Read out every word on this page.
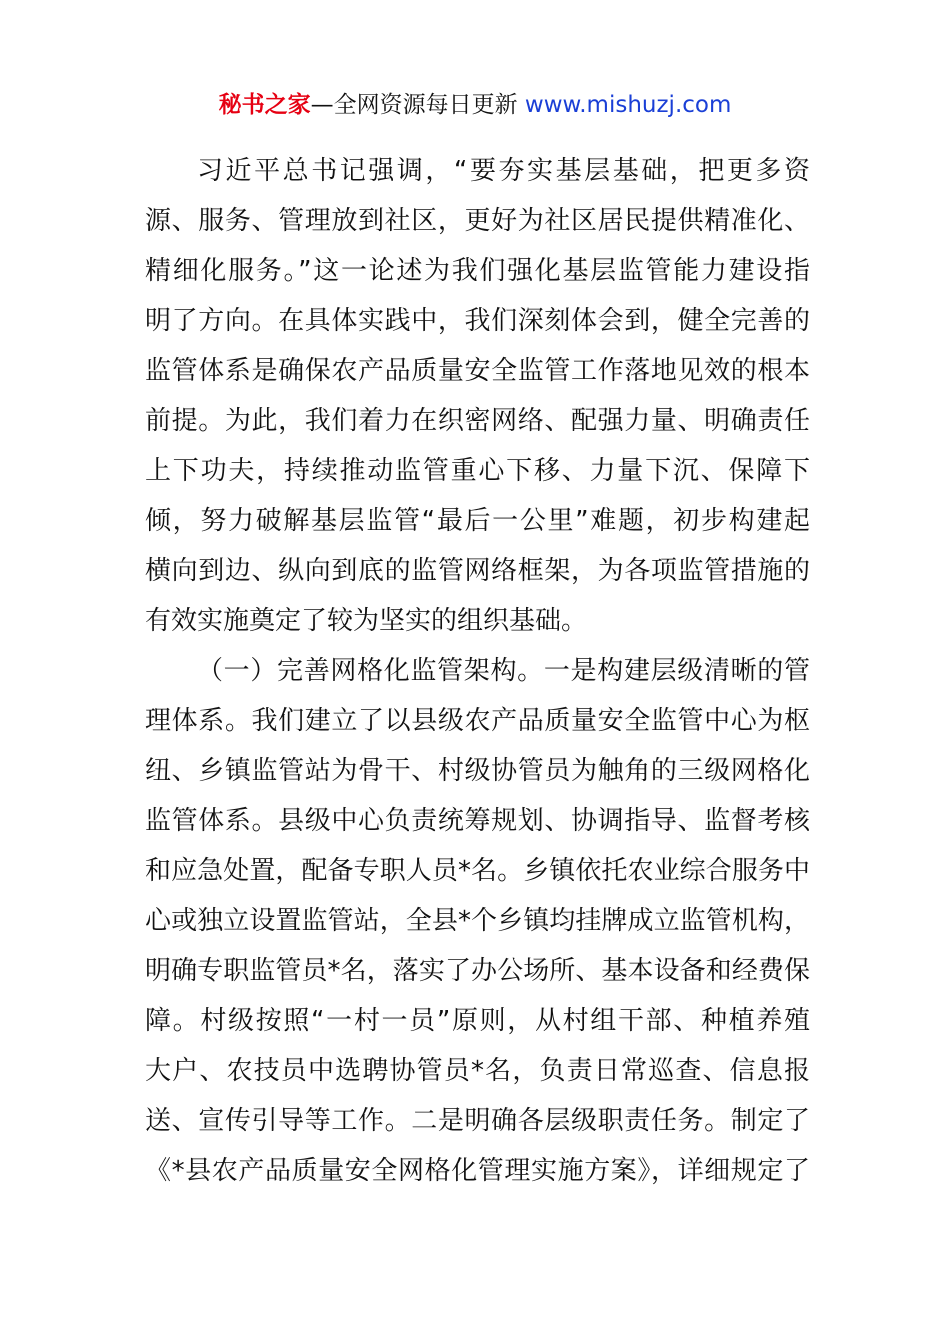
秘书之家—全网资源每日更新 www.mishuzj.com
习近平总书记强调，“要夯实基层基础，把更多资
源、服务、管理放到社区，更好为社区居民提供精准化、
精细化服务。”这一论述为我们强化基层监管能力建设指
明了方向。在具体实践中，我们深刻体会到，健全完善的
监管体系是确保农产品质量安全监管工作落地见效的根本
前提。为此，我们着力在织密网络、配强力量、明确责任
上下功夫，持续推动监管重心下移、力量下沉、保障下
倾，努力破解基层监管“最后一公里”难题，初步构建起
横向到边、纵向到底的监管网络框架，为各项监管措施的
有效实施奠定了较为坚实的组织基础。
（一）完善网格化监管架构。一是构建层级清晰的管
理体系。我们建立了以县级农产品质量安全监管中心为枢
纽、乡镇监管站为骨干、村级协管员为触角的三级网格化
监管体系。县级中心负责统筹规划、协调指导、监督考核
和应急处置，配备专职人员*名。乡镇依托农业综合服务中
心或独立设置监管站，全县*个乡镇均挂牌成立监管机构，
明确专职监管员*名，落实了办公场所、基本设备和经费保
障。村级按照“一村一员”原则，从村组干部、种植养殖
大户、农技员中选聘协管员*名，负责日常巡查、信息报
送、宣传引导等工作。二是明确各层级职责任务。制定了
《*县农产品质量安全网格化管理实施方案》，详细规定了
